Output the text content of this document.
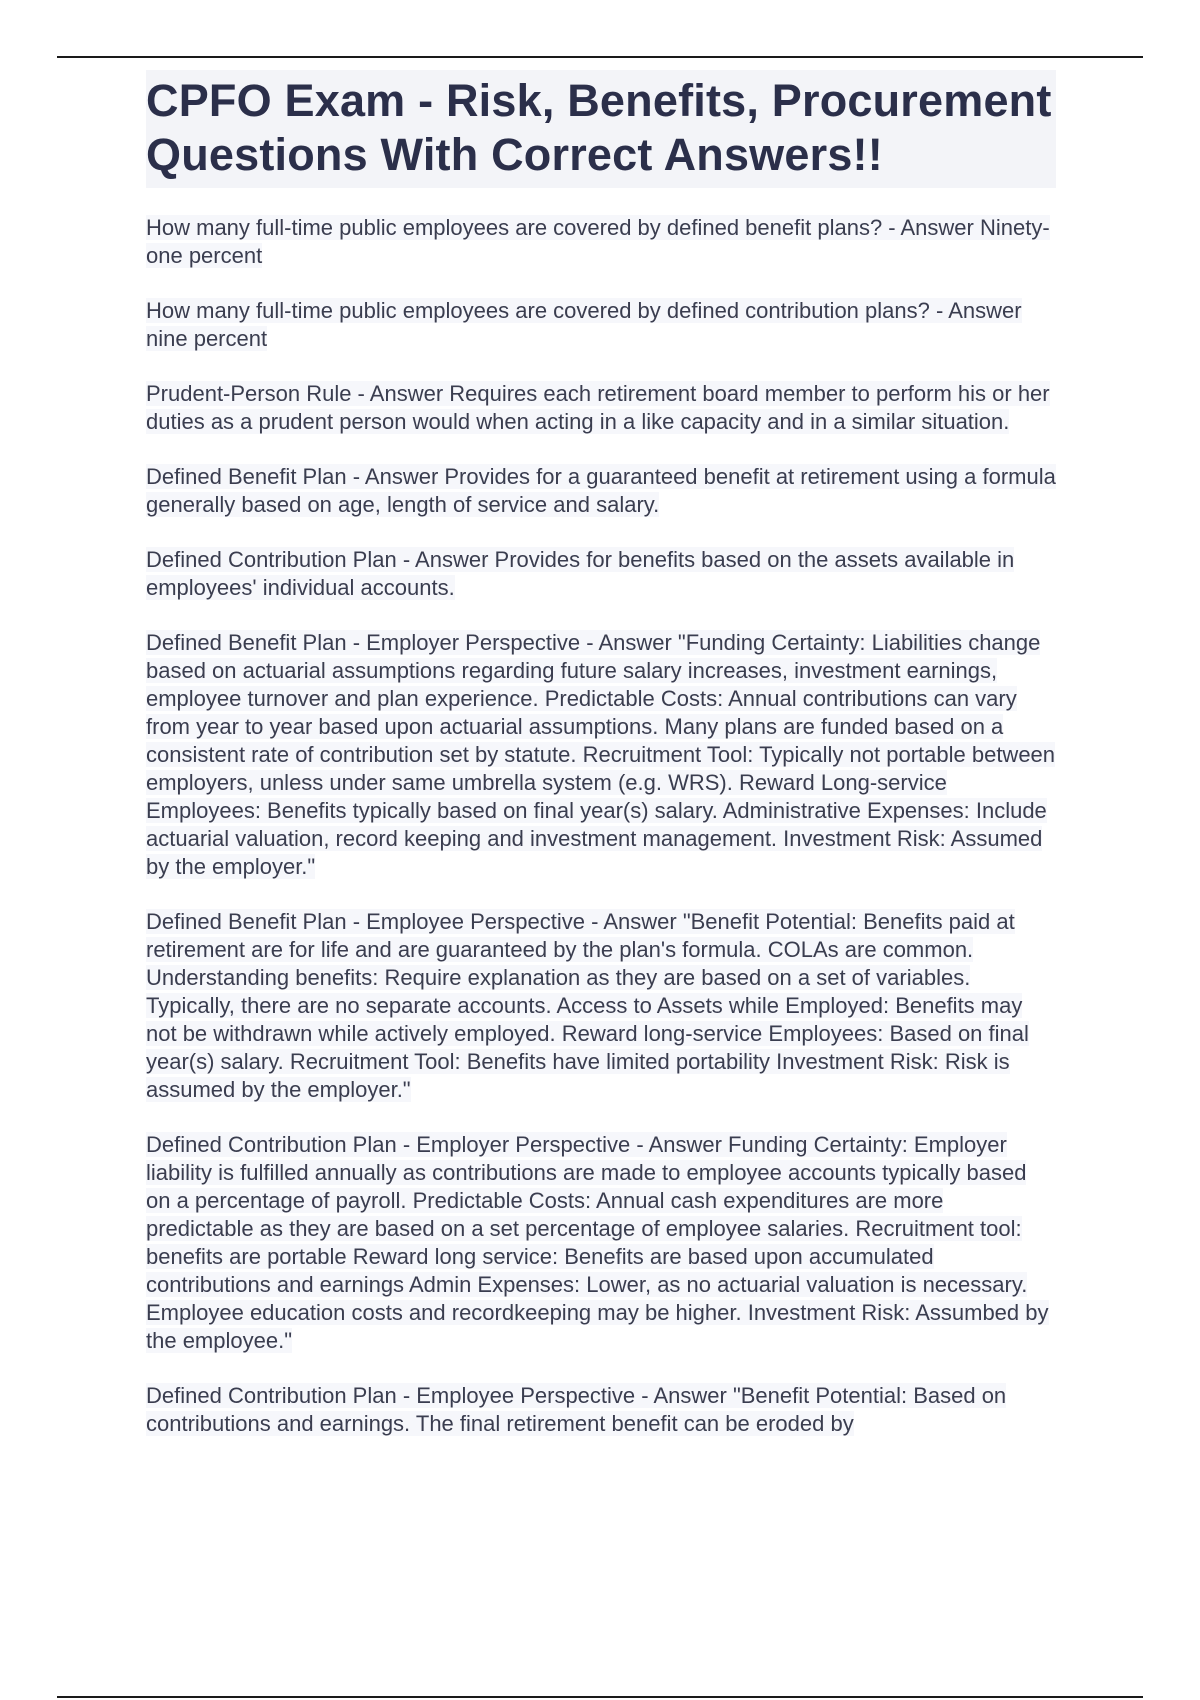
CPFO Exam - Risk, Benefits, Procurement Questions With Correct Answers!!

How many full-time public employees are covered by defined benefit plans? - Answer Ninety-one percent

How many full-time public employees are covered by defined contribution plans? - Answer nine percent

Prudent-Person Rule - Answer Requires each retirement board member to perform his or her duties as a prudent person would when acting in a like capacity and in a similar situation.

Defined Benefit Plan - Answer Provides for a guaranteed benefit at retirement using a formula generally based on age, length of service and salary.

Defined Contribution Plan - Answer Provides for benefits based on the assets available in employees' individual accounts.

Defined Benefit Plan - Employer Perspective - Answer "Funding Certainty: Liabilities change based on actuarial assumptions regarding future salary increases, investment earnings, employee turnover and plan experience. Predictable Costs: Annual contributions can vary from year to year based upon actuarial assumptions. Many plans are funded based on a consistent rate of contribution set by statute. Recruitment Tool: Typically not portable between employers, unless under same umbrella system (e.g. WRS). Reward Long-service Employees: Benefits typically based on final year(s) salary. Administrative Expenses: Include actuarial valuation, record keeping and investment management. Investment Risk: Assumed by the employer."

Defined Benefit Plan - Employee Perspective - Answer "Benefit Potential: Benefits paid at retirement are for life and are guaranteed by the plan's formula. COLAs are common. Understanding benefits: Require explanation as they are based on a set of variables. Typically, there are no separate accounts. Access to Assets while Employed: Benefits may not be withdrawn while actively employed. Reward long-service Employees: Based on final year(s) salary. Recruitment Tool: Benefits have limited portability Investment Risk: Risk is assumed by the employer."

Defined Contribution Plan - Employer Perspective - Answer Funding Certainty: Employer liability is fulfilled annually as contributions are made to employee accounts typically based on a percentage of payroll. Predictable Costs: Annual cash expenditures are more predictable as they are based on a set percentage of employee salaries. Recruitment tool: benefits are portable Reward long service: Benefits are based upon accumulated contributions and earnings Admin Expenses: Lower, as no actuarial valuation is necessary. Employee education costs and recordkeeping may be higher. Investment Risk: Assumbed by the employee."

Defined Contribution Plan - Employee Perspective - Answer "Benefit Potential: Based on contributions and earnings. The final retirement benefit can be eroded by
